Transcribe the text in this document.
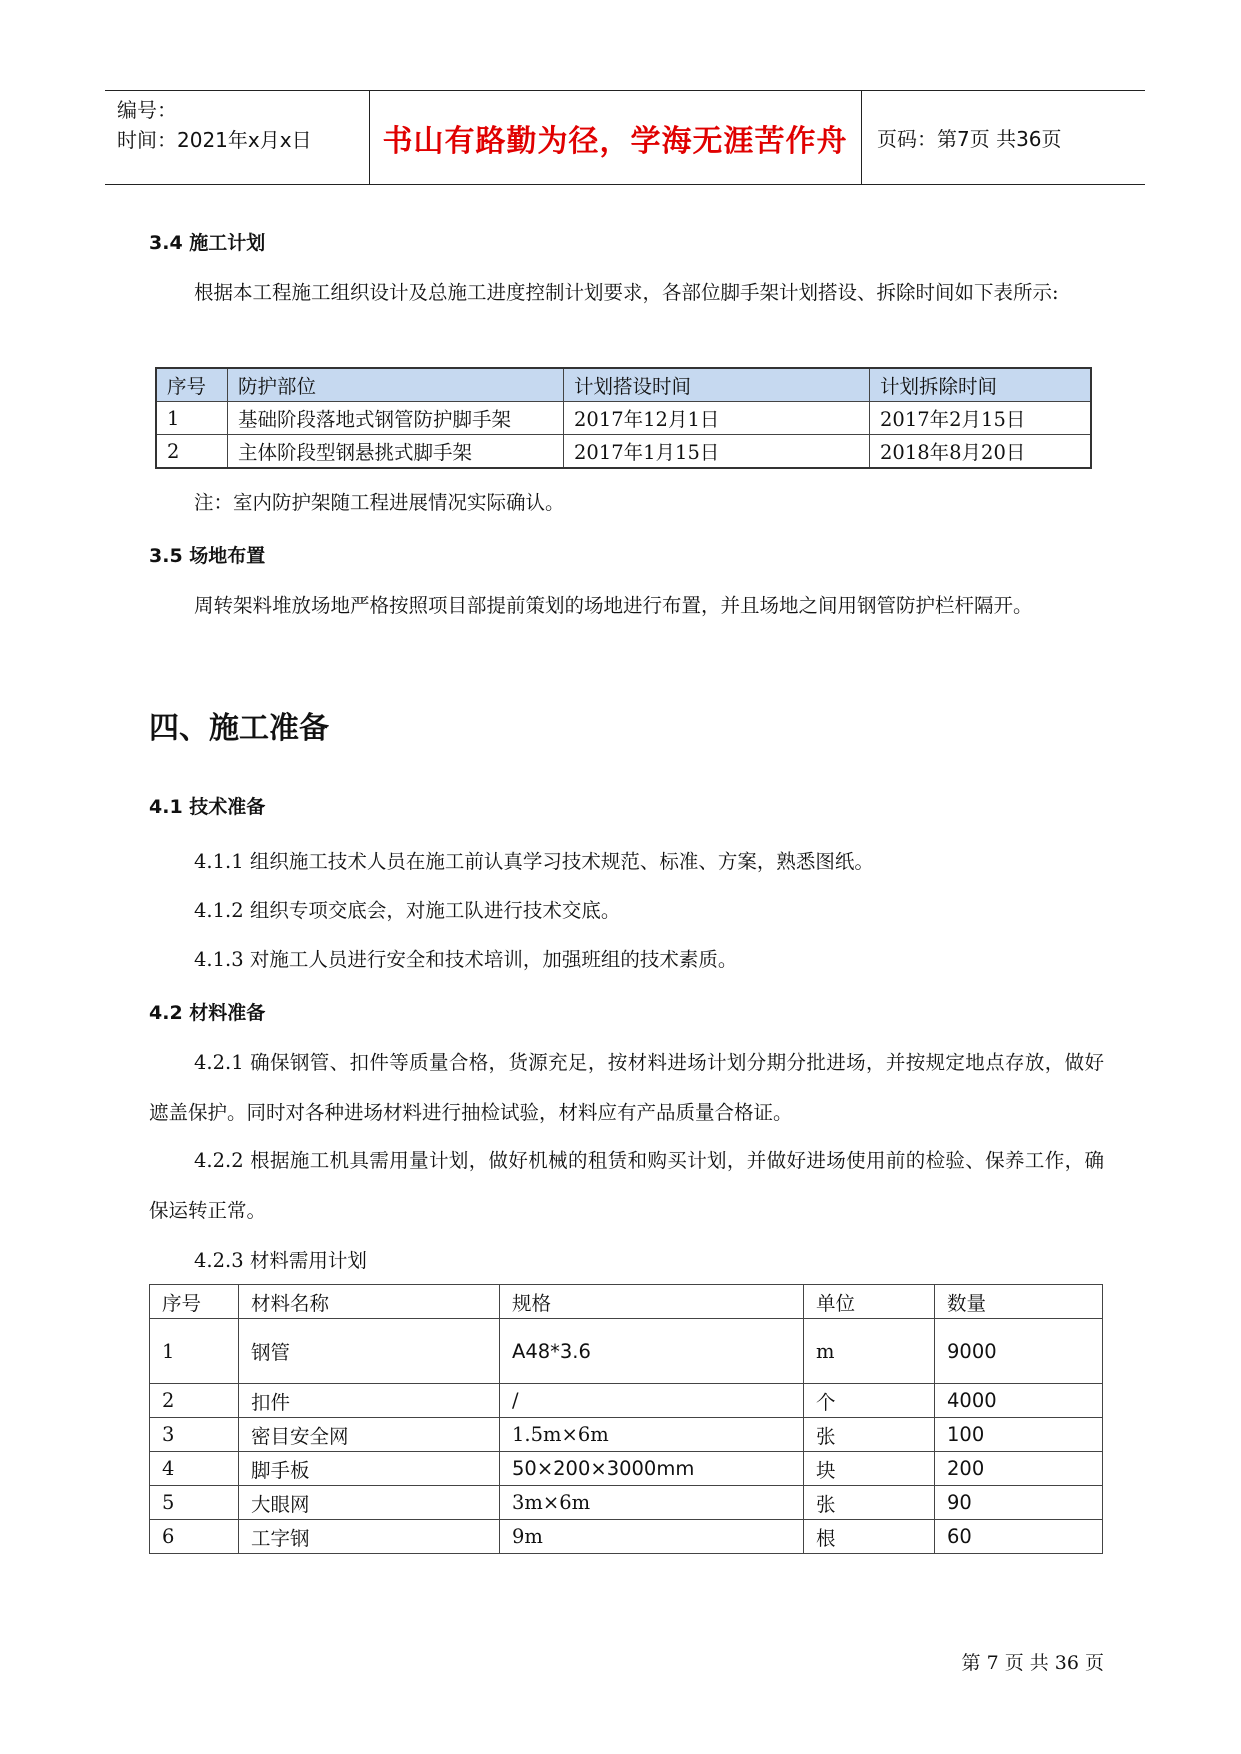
编号：
时间：2021年x月x日	书山有路勤为径，学海无涯苦作舟	页码：第7页 共36页
3.4 施工计划
根据本工程施工组织设计及总施工进度控制计划要求，各部位脚手架计划搭设、拆除时间如下表所示:
序号	防护部位	计划搭设时间	计划拆除时间
1	基础阶段落地式钢管防护脚手架	2017年12月1日	2017年2月15日
2	主体阶段型钢悬挑式脚手架	2017年1月15日	2018年8月20日
注：室内防护架随工程进展情况实际确认。
3.5 场地布置
周转架料堆放场地严格按照项目部提前策划的场地进行布置，并且场地之间用钢管防护栏杆隔开。
四、施工准备
4.1 技术准备
4.1.1 组织施工技术人员在施工前认真学习技术规范、标准、方案，熟悉图纸。
4.1.2 组织专项交底会，对施工队进行技术交底。
4.1.3 对施工人员进行安全和技术培训，加强班组的技术素质。
4.2 材料准备
4.2.1 确保钢管、扣件等质量合格，货源充足，按材料进场计划分期分批进场，并按规定地点存放，做好遮盖保护。同时对各种进场材料进行抽检试验，材料应有产品质量合格证。
4.2.2 根据施工机具需用量计划，做好机械的租赁和购买计划，并做好进场使用前的检验、保养工作，确保运转正常。
4.2.3 材料需用计划
序号	材料名称	规格	单位	数量
1	钢管	A48*3.6	m	9000
2	扣件	/	个	4000
3	密目安全网	1.5m×6m	张	100
4	脚手板	50×200×3000mm	块	200
5	大眼网	3m×6m	张	90
6	工字钢	9m	根	60
第 7 页 共 36 页
